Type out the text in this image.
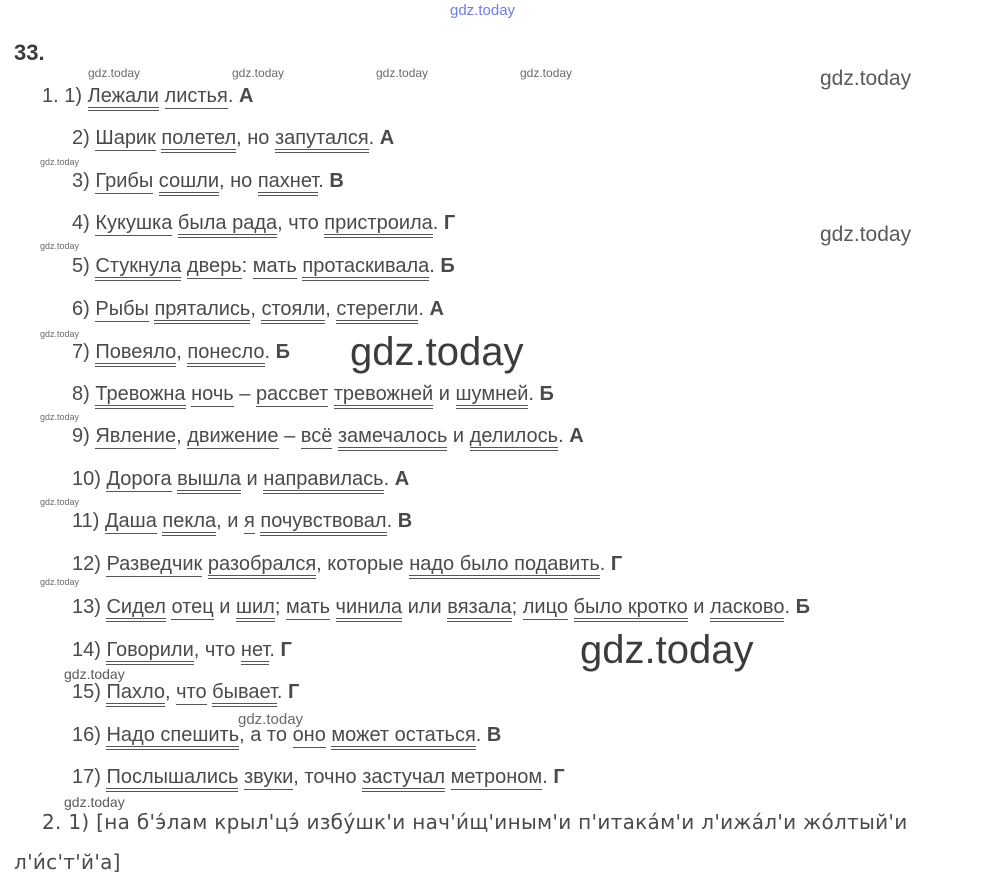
gdz.today
33.
gdz.today	gdz.today	gdz.today	gdz.today	gdz.today
gdz.today
gdz.today
gdz.today
gdz.today
gdz.today
gdz.today
gdz.today
gdz.today
gdz.today
gdz.today
gdz.today
gdz.today
1. 1) Лежали листья. А
2) Шарик полетел, но запутался. А
3) Грибы сошли, но пахнет. В
4) Кукушка была рада, что пристроила. Г
5) Стукнула дверь: мать протаскивала. Б
6) Рыбы прятались, стояли, стерегли. А
7) Повеяло, понесло. Б
8) Тревожна ночь – рассвет тревожней и шумней. Б
9) Явление, движение – всё замечалось и делилось. А
10) Дорога вышла и направилась. А
11) Даша пекла, и я почувствовал. В
12) Разведчик разобрался, которые надо было подавить. Г
13) Сидел отец и шил; мать чинила или вязала; лицо было кротко и ласково. Б
14) Говорили, что нет. Г
15) Пахло, что бывает. Г
16) Надо спешить, а то оно может остаться. В
17) Послышались звуки, точно застучал метроном. Г
2. 1) [на б'э́лам крыл'цэ́ избу́шк'и нач'и́щ'иным'и п'итака́м'и л'ижа́л'и жо́лтый'и
л'и́с'т'й'а]
